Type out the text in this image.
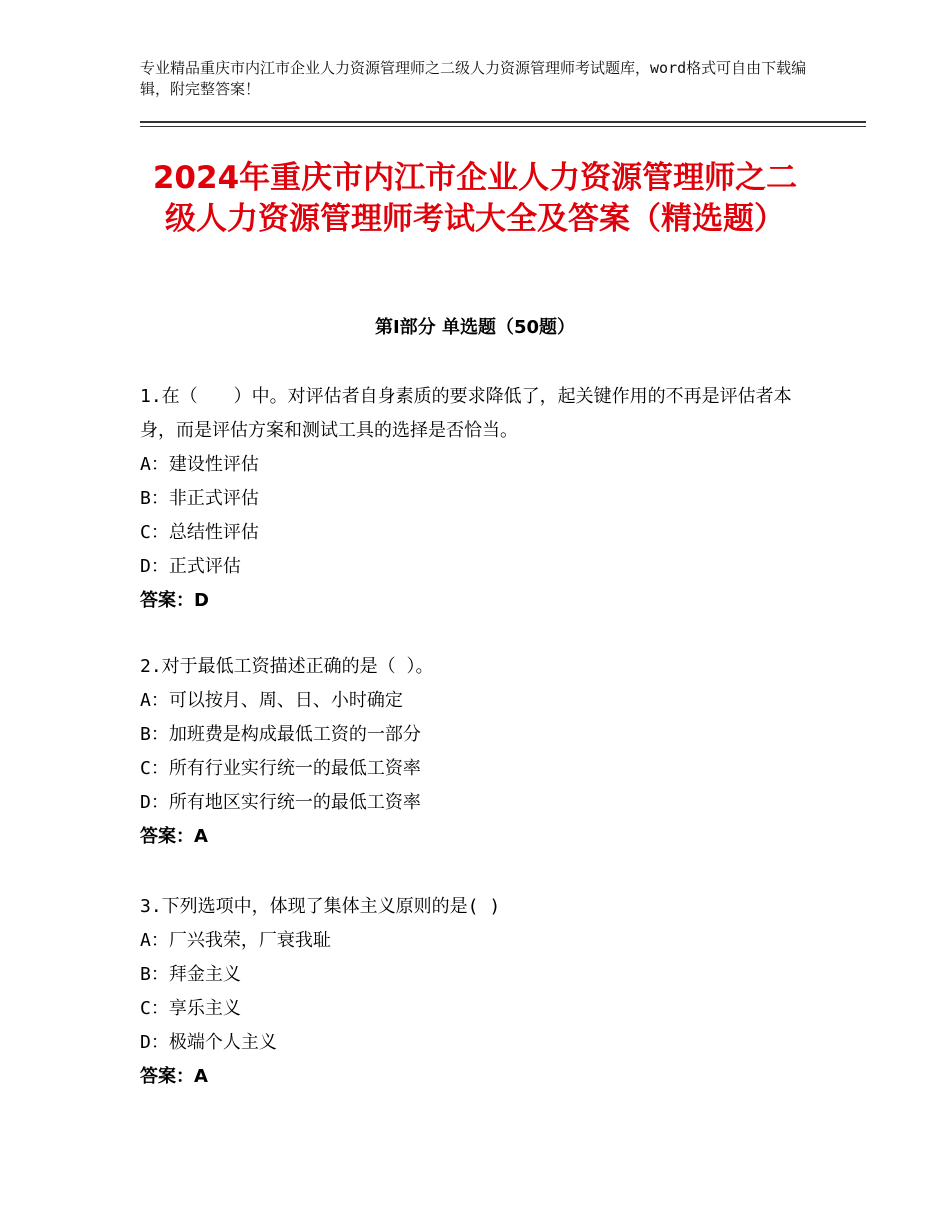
专业精品重庆市内江市企业人力资源管理师之二级人力资源管理师考试题库，word格式可自由下载编辑，附完整答案！
2024年重庆市内江市企业人力资源管理师之二级人力资源管理师考试大全及答案（精选题）
第Ⅰ部分 单选题（50题）

1.在（　　）中。对评估者自身素质的要求降低了，起关键作用的不再是评估者本身，而是评估方案和测试工具的选择是否恰当。

A：建设性评估

B：非正式评估

C：总结性评估

D：正式评估

答案：D

2.对于最低工资描述正确的是（ ）。

A：可以按月、周、日、小时确定

B：加班费是构成最低工资的一部分

C：所有行业实行统一的最低工资率

D：所有地区实行统一的最低工资率

答案：A

3.下列选项中，体现了集体主义原则的是( )

A：厂兴我荣，厂衰我耻

B：拜金主义

C：享乐主义

D：极端个人主义

答案：A
